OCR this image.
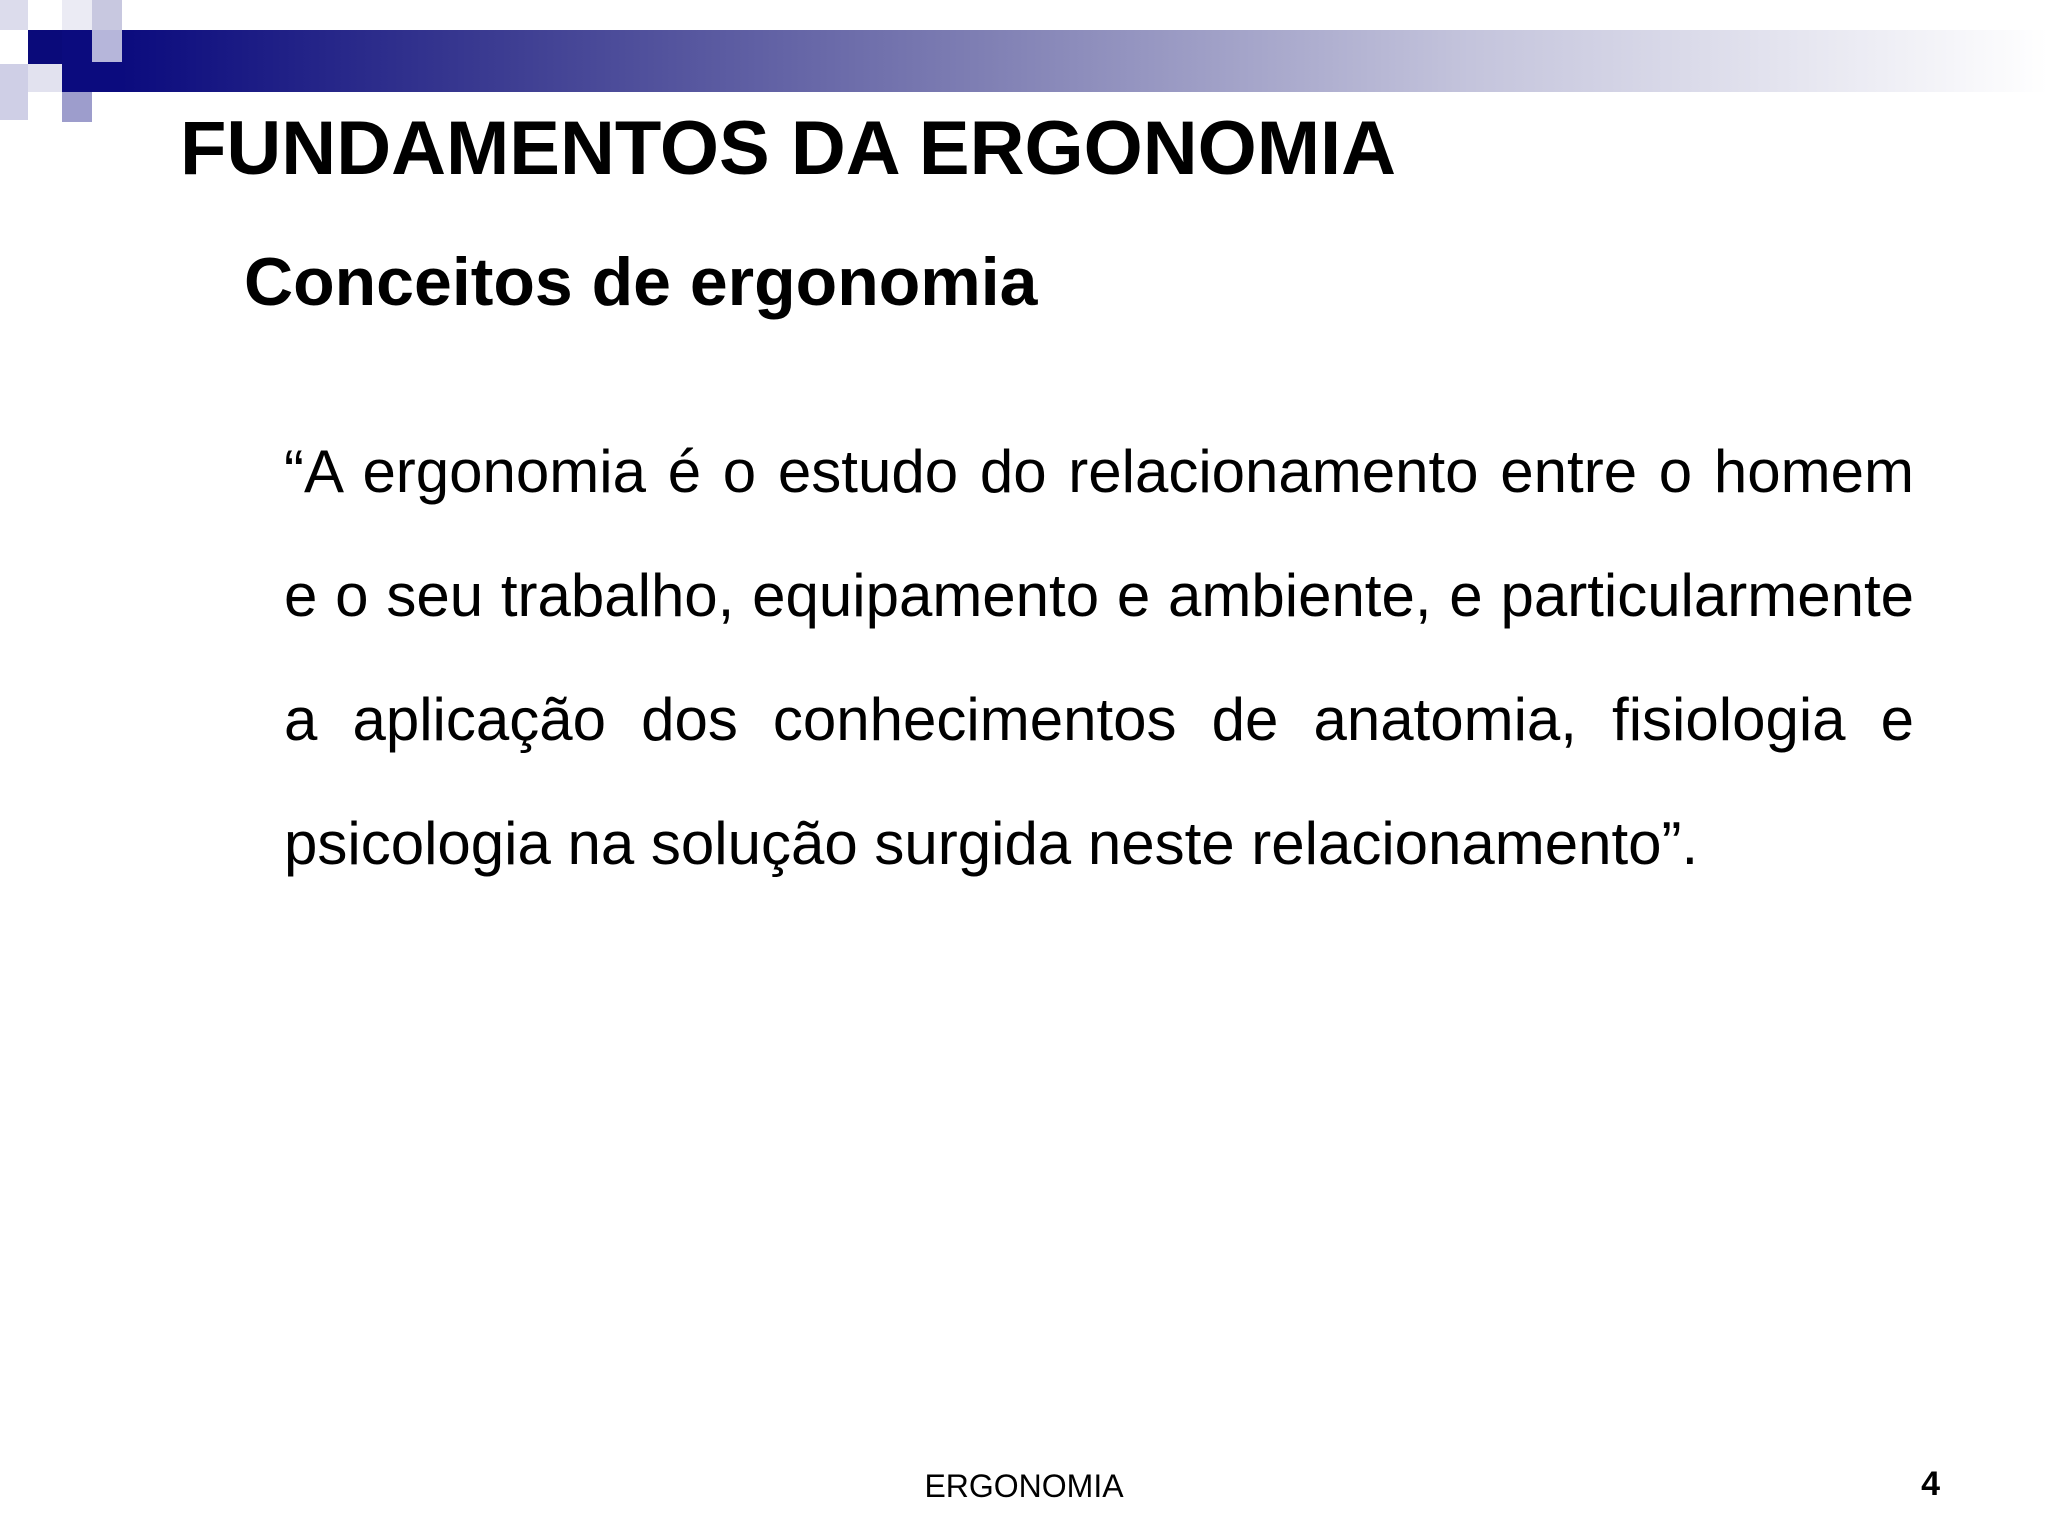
FUNDAMENTOS DA ERGONOMIA
Conceitos de ergonomia
“A ergonomia é o estudo do relacionamento entre o homem e o seu trabalho, equipamento e ambiente, e particularmente a aplicação dos conhecimentos de anatomia, fisiologia e psicologia na solução surgida neste relacionamento”.
ERGONOMIA	4
